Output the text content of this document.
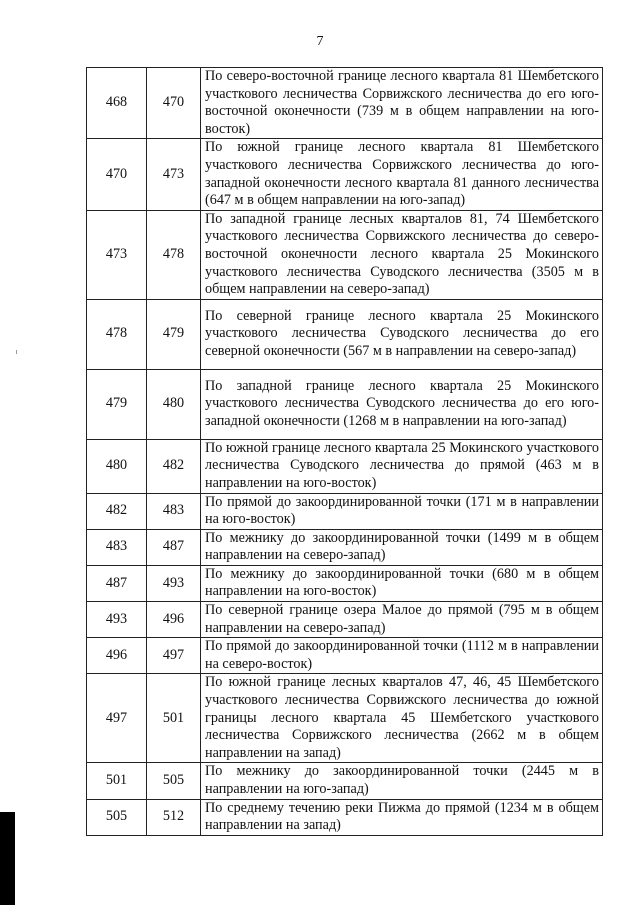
7
468	470	По северо-восточной границе лесного квартала 81 Шембетского участкового лесничества Сорвижского лесничества до его юго-восточной оконечности (739 м в общем направлении на юго-восток)
470	473	По южной границе лесного квартала 81 Шембетского участкового лесничества Сорвижского лесничества до юго-западной оконечности лесного квартала 81 данного лесничества (647 м в общем направлении на юго-запад)
473	478	По западной границе лесных кварталов 81, 74 Шембетского участкового лесничества Сорвижского лесничества до северо-восточной оконечности лесного квартала 25 Мокинского участкового лесничества Суводского лесничества (3505 м в общем направлении на северо-запад)
478	479	По северной границе лесного квартала 25 Мокинского участкового лесничества Суводского лесничества до его северной оконечности (567 м в направлении на северо-запад)
479	480	По западной границе лесного квартала 25 Мокинского участкового лесничества Суводского лесничества до его юго-западной оконечности (1268 м в направлении на юго-запад)
480	482	По южной границе лесного квартала 25 Мокинского участкового лесничества Суводского лесничества до прямой (463 м в направлении на юго-восток)
482	483	По прямой до закоординированной точки (171 м в направлении на юго-восток)
483	487	По межнику до закоординированной точки (1499 м в общем направлении на северо-запад)
487	493	По межнику до закоординированной точки (680 м в общем направлении на юго-восток)
493	496	По северной границе озера Малое до прямой (795 м в общем направлении на северо-запад)
496	497	По прямой до закоординированной точки (1112 м в направлении на северо-восток)
497	501	По южной границе лесных кварталов 47, 46, 45 Шембетского участкового лесничества Сорвижского лесничества до южной границы лесного квартала 45 Шембетского участкового лесничества Сорвижского лесничества (2662 м в общем направлении на запад)
501	505	По межнику до закоординированной точки (2445 м в направлении на юго-запад)
505	512	По среднему течению реки Пижма до прямой (1234 м в общем направлении на запад)
